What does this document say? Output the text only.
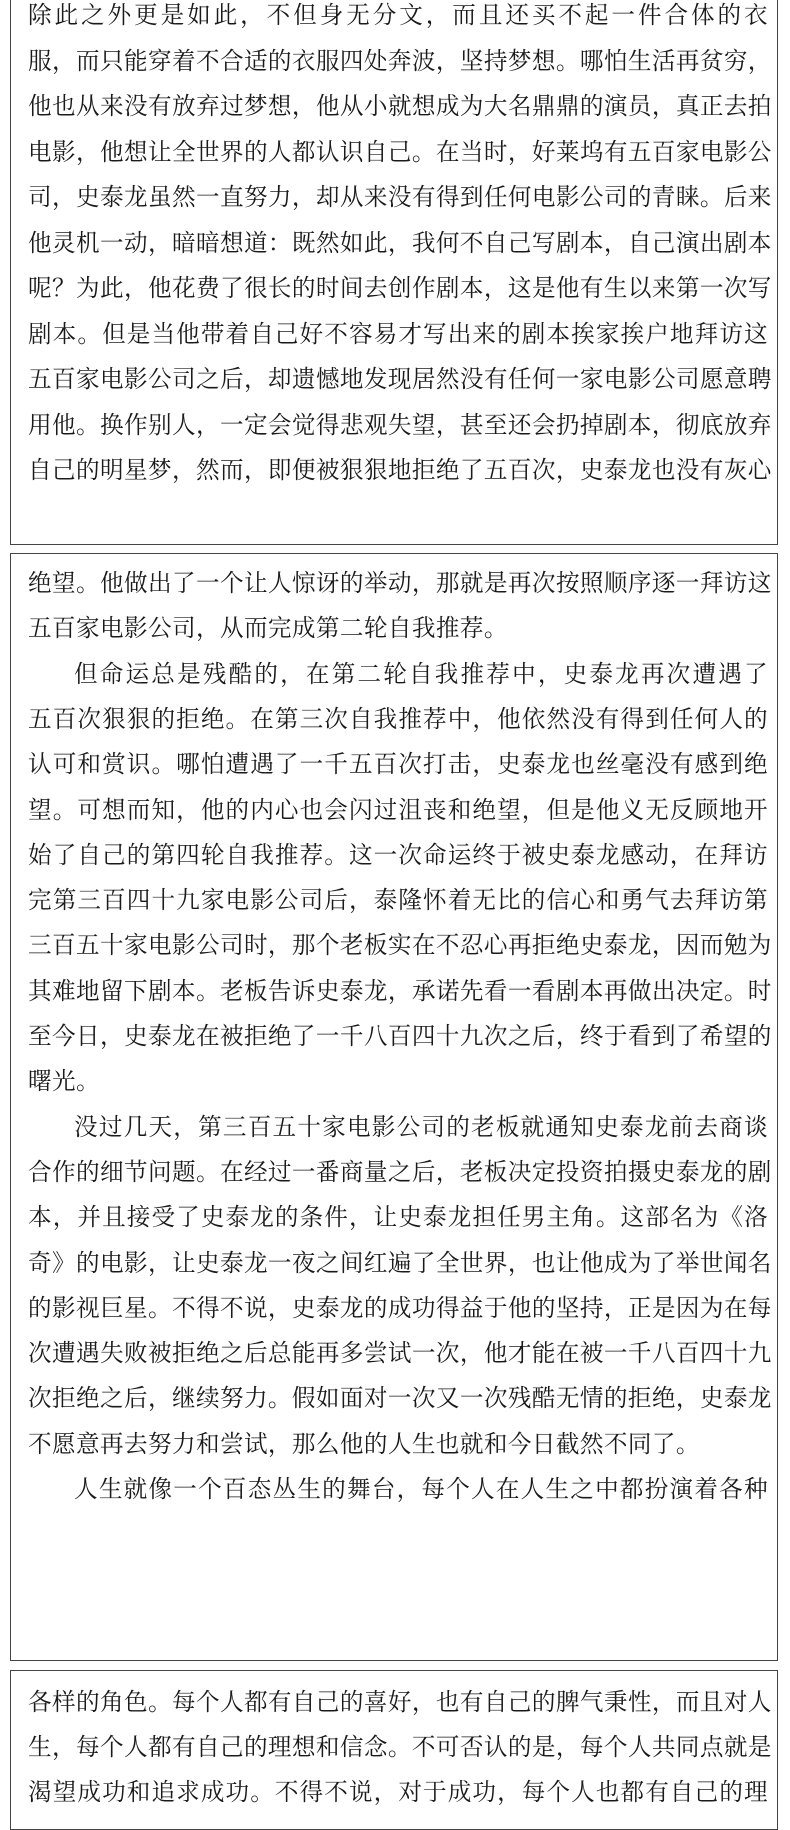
除此之外更是如此，不但身无分文，而且还买不起一件合体的衣
服，而只能穿着不合适的衣服四处奔波，坚持梦想。哪怕生活再贫穷，
他也从来没有放弃过梦想，他从小就想成为大名鼎鼎的演员，真正去拍
电影，他想让全世界的人都认识自己。在当时，好莱坞有五百家电影公
司，史泰龙虽然一直努力，却从来没有得到任何电影公司的青睐。后来
他灵机一动，暗暗想道：既然如此，我何不自己写剧本，自己演出剧本
呢？为此，他花费了很长的时间去创作剧本，这是他有生以来第一次写
剧本。但是当他带着自己好不容易才写出来的剧本挨家挨户地拜访这
五百家电影公司之后，却遗憾地发现居然没有任何一家电影公司愿意聘
用他。换作别人，一定会觉得悲观失望，甚至还会扔掉剧本，彻底放弃
自己的明星梦，然而，即便被狠狠地拒绝了五百次，史泰龙也没有灰心
绝望。他做出了一个让人惊讶的举动，那就是再次按照顺序逐一拜访这
五百家电影公司，从而完成第二轮自我推荐。
但命运总是残酷的，在第二轮自我推荐中，史泰龙再次遭遇了
五百次狠狠的拒绝。在第三次自我推荐中，他依然没有得到任何人的
认可和赏识。哪怕遭遇了一千五百次打击，史泰龙也丝毫没有感到绝
望。可想而知，他的内心也会闪过沮丧和绝望，但是他义无反顾地开
始了自己的第四轮自我推荐。这一次命运终于被史泰龙感动，在拜访
完第三百四十九家电影公司后，泰隆怀着无比的信心和勇气去拜访第
三百五十家电影公司时，那个老板实在不忍心再拒绝史泰龙，因而勉为
其难地留下剧本。老板告诉史泰龙，承诺先看一看剧本再做出决定。时
至今日，史泰龙在被拒绝了一千八百四十九次之后，终于看到了希望的
曙光。
没过几天，第三百五十家电影公司的老板就通知史泰龙前去商谈
合作的细节问题。在经过一番商量之后，老板决定投资拍摄史泰龙的剧
本，并且接受了史泰龙的条件，让史泰龙担任男主角。这部名为《洛
奇》的电影，让史泰龙一夜之间红遍了全世界，也让他成为了举世闻名
的影视巨星。不得不说，史泰龙的成功得益于他的坚持，正是因为在每
次遭遇失败被拒绝之后总能再多尝试一次，他才能在被一千八百四十九
次拒绝之后，继续努力。假如面对一次又一次残酷无情的拒绝，史泰龙
不愿意再去努力和尝试，那么他的人生也就和今日截然不同了。
人生就像一个百态丛生的舞台，每个人在人生之中都扮演着各种
各样的角色。每个人都有自己的喜好，也有自己的脾气秉性，而且对人
生，每个人都有自己的理想和信念。不可否认的是，每个人共同点就是
渴望成功和追求成功。不得不说，对于成功，每个人也都有自己的理
